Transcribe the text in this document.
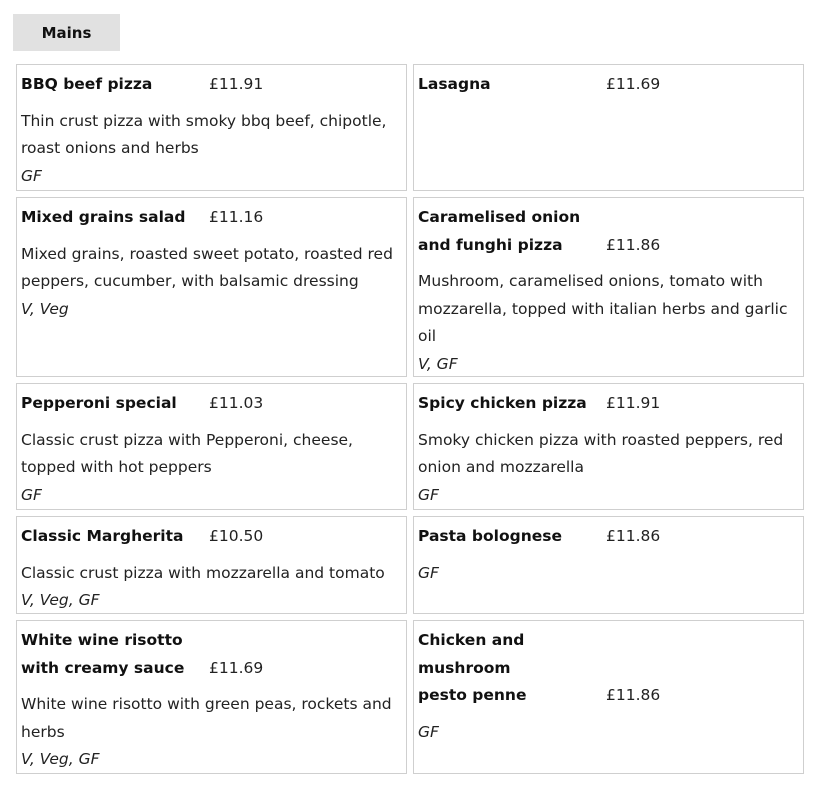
Mains
BBQ beef pizza	£11.91
Thin crust pizza with smoky bbq beef, chipotle, roast onions and herbs
GF
Lasagna	£11.69
Mixed grains salad	£11.16
Mixed grains, roasted sweet potato, roasted red peppers, cucumber, with balsamic dressing
V, Veg
Caramelised onion and funghi pizza	£11.86
Mushroom, caramelised onions, tomato with mozzarella, topped with italian herbs and garlic oil
V, GF
Pepperoni special	£11.03
Classic crust pizza with Pepperoni, cheese, topped with hot peppers
GF
Spicy chicken pizza	£11.91
Smoky chicken pizza with roasted peppers, red onion and mozzarella
GF
Classic Margherita	£10.50
Classic crust pizza with mozzarella and tomato
V, Veg, GF
Pasta bolognese	£11.86
GF
White wine risotto with creamy sauce	£11.69
White wine risotto with green peas, rockets and herbs
V, Veg, GF
Chicken and mushroom pesto penne	£11.86
GF
